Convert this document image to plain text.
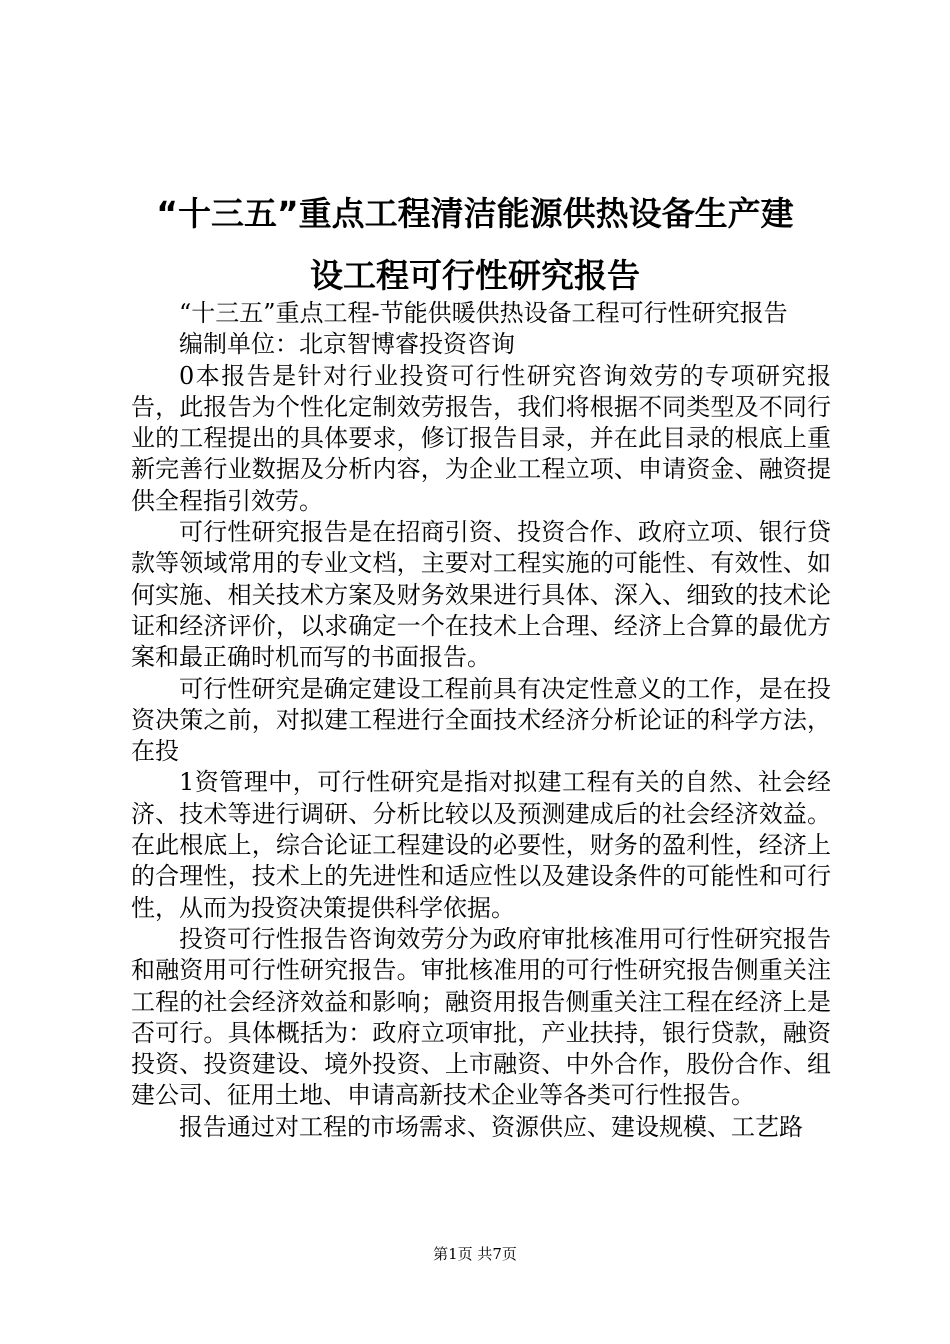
“十三五”重点工程清洁能源供热设备生产建
设工程可行性研究报告

“十三五”重点工程-节能供暖供热设备工程可行性研究报告

编制单位：北京智博睿投资咨询

0本报告是针对行业投资可行性研究咨询效劳的专项研究报告，此报告为个性化定制效劳报告，我们将根据不同类型及不同行业的工程提出的具体要求，修订报告目录，并在此目录的根底上重新完善行业数据及分析内容，为企业工程立项、申请资金、融资提供全程指引效劳。

可行性研究报告是在招商引资、投资合作、政府立项、银行贷款等领域常用的专业文档，主要对工程实施的可能性、有效性、如何实施、相关技术方案及财务效果进行具体、深入、细致的技术论证和经济评价，以求确定一个在技术上合理、经济上合算的最优方案和最正确时机而写的书面报告。

可行性研究是确定建设工程前具有决定性意义的工作，是在投资决策之前，对拟建工程进行全面技术经济分析论证的科学方法，在投

1资管理中，可行性研究是指对拟建工程有关的自然、社会经济、技术等进行调研、分析比较以及预测建成后的社会经济效益。在此根底上，综合论证工程建设的必要性，财务的盈利性，经济上的合理性，技术上的先进性和适应性以及建设条件的可能性和可行性，从而为投资决策提供科学依据。

投资可行性报告咨询效劳分为政府审批核准用可行性研究报告和融资用可行性研究报告。审批核准用的可行性研究报告侧重关注工程的社会经济效益和影响；融资用报告侧重关注工程在经济上是否可行。具体概括为：政府立项审批，产业扶持，银行贷款，融资投资、投资建设、境外投资、上市融资、中外合作，股份合作、组建公司、征用土地、申请高新技术企业等各类可行性报告。

报告通过对工程的市场需求、资源供应、建设规模、工艺路

第1页 共7页
